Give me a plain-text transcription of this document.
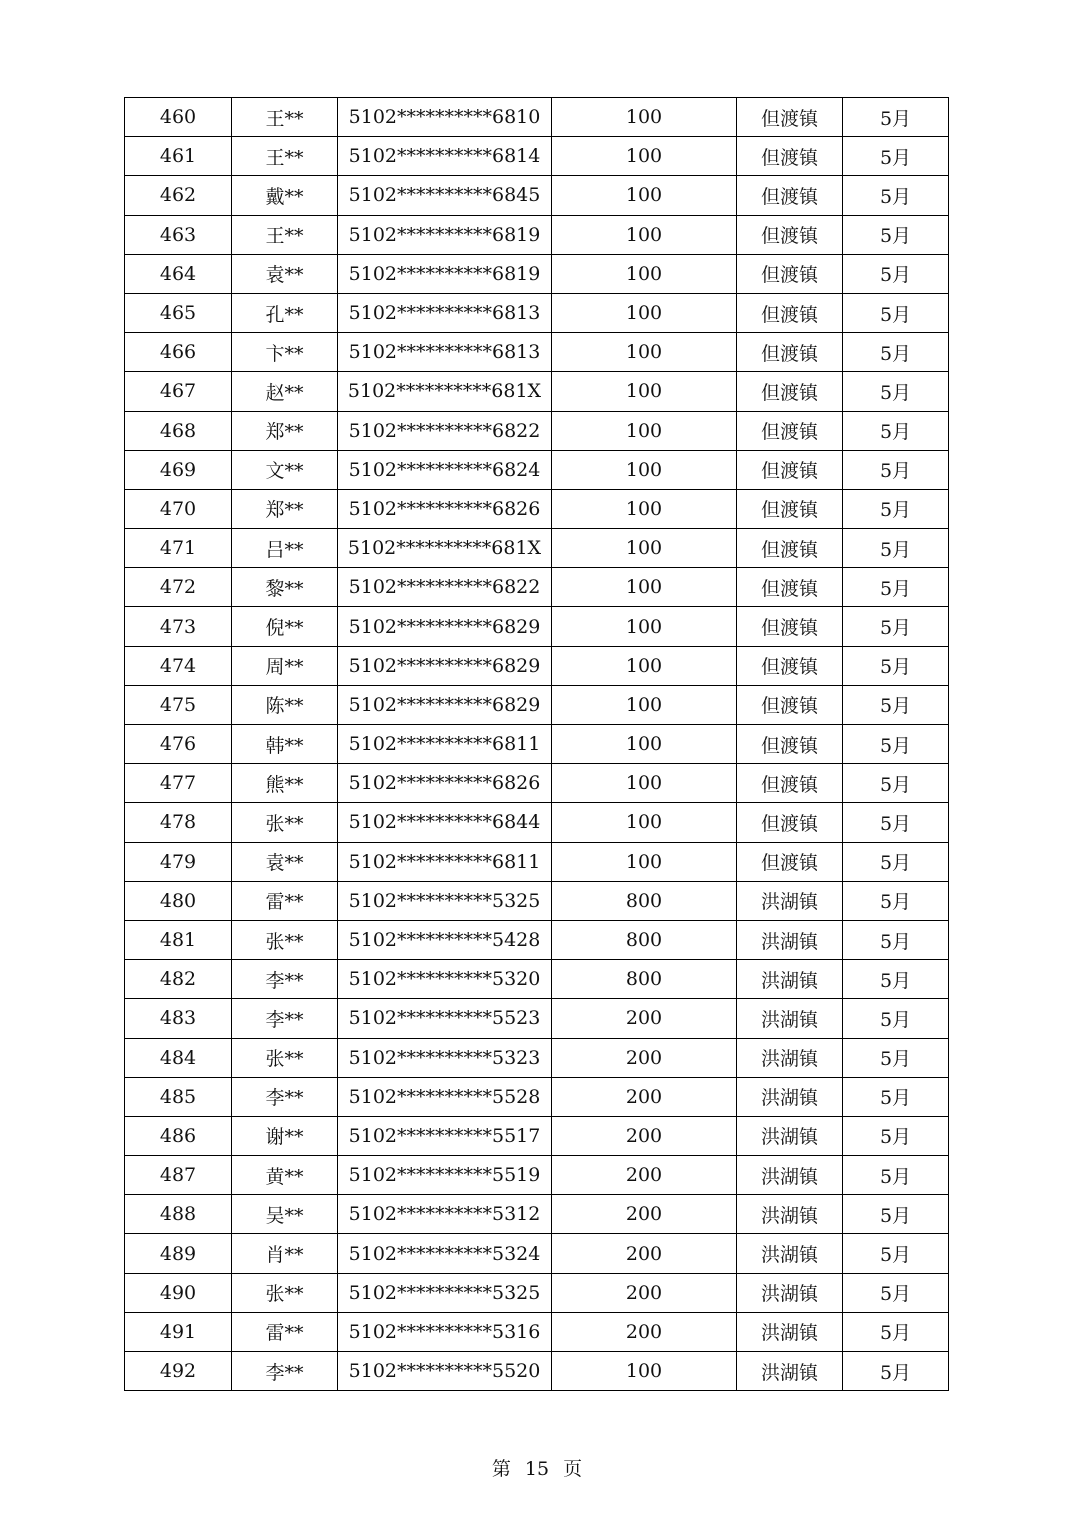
460	王**	5102**********6810	100	但渡镇	5月
461	王**	5102**********6814	100	但渡镇	5月
462	戴**	5102**********6845	100	但渡镇	5月
463	王**	5102**********6819	100	但渡镇	5月
464	袁**	5102**********6819	100	但渡镇	5月
465	孔**	5102**********6813	100	但渡镇	5月
466	卞**	5102**********6813	100	但渡镇	5月
467	赵**	5102**********681X	100	但渡镇	5月
468	郑**	5102**********6822	100	但渡镇	5月
469	文**	5102**********6824	100	但渡镇	5月
470	郑**	5102**********6826	100	但渡镇	5月
471	吕**	5102**********681X	100	但渡镇	5月
472	黎**	5102**********6822	100	但渡镇	5月
473	倪**	5102**********6829	100	但渡镇	5月
474	周**	5102**********6829	100	但渡镇	5月
475	陈**	5102**********6829	100	但渡镇	5月
476	韩**	5102**********6811	100	但渡镇	5月
477	熊**	5102**********6826	100	但渡镇	5月
478	张**	5102**********6844	100	但渡镇	5月
479	袁**	5102**********6811	100	但渡镇	5月
480	雷**	5102**********5325	800	洪湖镇	5月
481	张**	5102**********5428	800	洪湖镇	5月
482	李**	5102**********5320	800	洪湖镇	5月
483	李**	5102**********5523	200	洪湖镇	5月
484	张**	5102**********5323	200	洪湖镇	5月
485	李**	5102**********5528	200	洪湖镇	5月
486	谢**	5102**********5517	200	洪湖镇	5月
487	黄**	5102**********5519	200	洪湖镇	5月
488	吴**	5102**********5312	200	洪湖镇	5月
489	肖**	5102**********5324	200	洪湖镇	5月
490	张**	5102**********5325	200	洪湖镇	5月
491	雷**	5102**********5316	200	洪湖镇	5月
492	李**	5102**********5520	100	洪湖镇	5月
第 15 页
